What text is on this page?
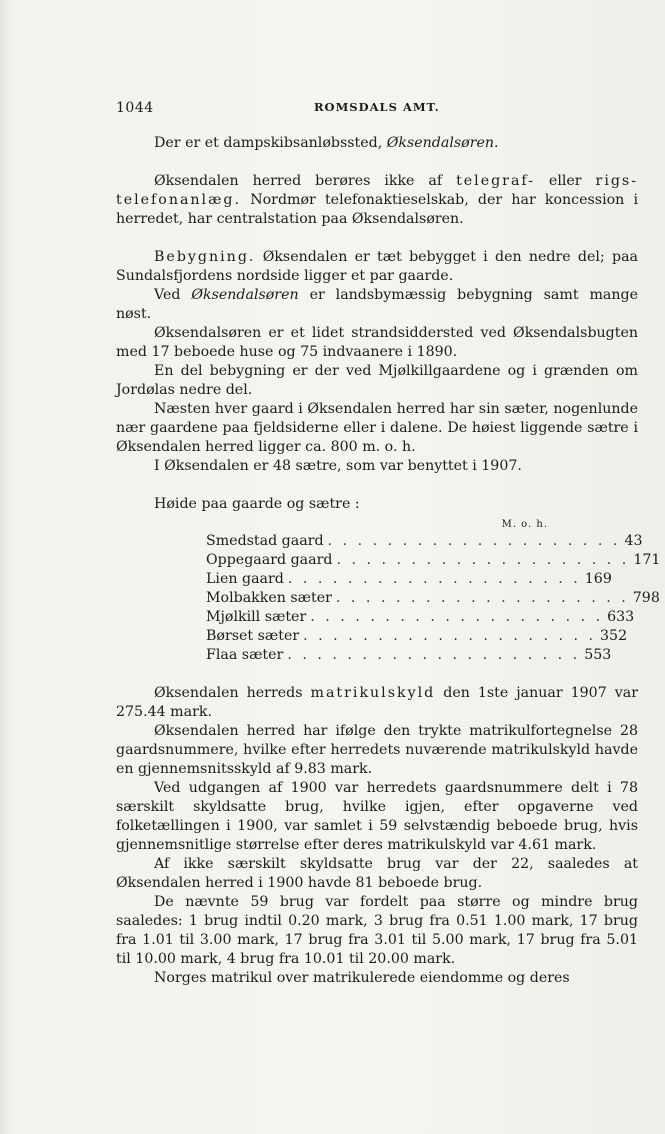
1044	ROMSDALS AMT.

Der er et dampskibsanløbssted, Øksendalsøren.

Øksendalen herred berøres ikke af telegraf- eller rigs-telefonanlæg. Nordmør telefonaktieselskab, der har koncession i herredet, har centralstation paa Øksendalsøren.

Bebygning. Øksendalen er tæt bebygget i den nedre del; paa Sundalsfjordens nordside ligger et par gaarde.

Ved Øksendalsøren er landsbymæssig bebygning samt mange nøst.

Øksendalsøren er et lidet strandsiddersted ved Øksendalsbugten med 17 beboede huse og 75 indvaanere i 1890.

En del bebygning er der ved Mjølkillgaardene og i grænden om Jordølas nedre del.

Næsten hver gaard i Øksendalen herred har sin sæter, nogenlunde nær gaardene paa fjeldsiderne eller i dalene. De høiest liggende sætre i Øksendalen herred ligger ca. 800 m. o. h.

I Øksendalen er 48 sætre, som var benyttet i 1907.

Høide paa gaarde og sætre :

M. o. h.
Smedstad gaard . . . . . . . . . . . . . . . . . . . . 43
Oppegaard gaard . . . . . . . . . . . . . . . . . . . . 171
Lien gaard . . . . . . . . . . . . . . . . . . . . 169
Molbakken sæter . . . . . . . . . . . . . . . . . . . . 798
Mjølkill sæter . . . . . . . . . . . . . . . . . . . . 633
Børset sæter . . . . . . . . . . . . . . . . . . . . 352
Flaa sæter . . . . . . . . . . . . . . . . . . . . 553

Øksendalen herreds matrikulskyld den 1ste januar 1907 var 275.44 mark.

Øksendalen herred har ifølge den trykte matrikulfortegnelse 28 gaardsnummere, hvilke efter herredets nuværende matrikulskyld havde en gjennemsnitsskyld af 9.83 mark.

Ved udgangen af 1900 var herredets gaardsnummere delt i 78 særskilt skyldsatte brug, hvilke igjen, efter opgaverne ved folketællingen i 1900, var samlet i 59 selvstændig beboede brug, hvis gjennemsnitlige størrelse efter deres matrikulskyld var 4.61 mark.

Af ikke særskilt skyldsatte brug var der 22, saaledes at Øksendalen herred i 1900 havde 81 beboede brug.

De nævnte 59 brug var fordelt paa større og mindre brug saaledes: 1 brug indtil 0.20 mark, 3 brug fra 0.51 1.00 mark, 17 brug fra 1.01 til 3.00 mark, 17 brug fra 3.01 til 5.00 mark, 17 brug fra 5.01 til 10.00 mark, 4 brug fra 10.01 til 20.00 mark.

Norges matrikul over matrikulerede eiendomme og deres
